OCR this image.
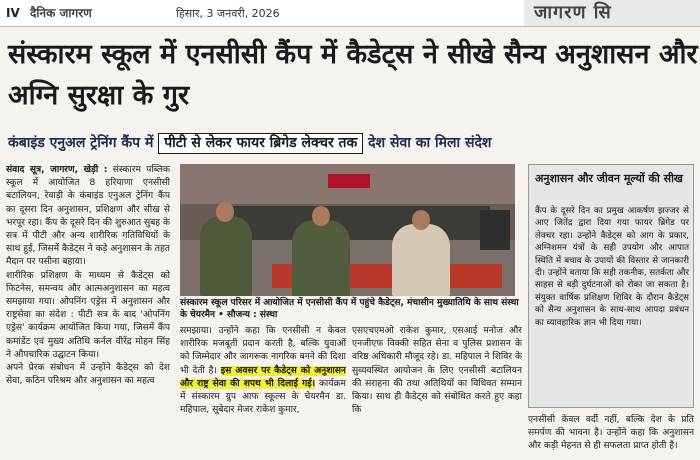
IV दैनिक जागरण	हिसार, 3 जनवरी, 2026	जागरण सि
संस्कारम स्कूल में एनसीसी कैंप में कैडेट्स ने सीखे सैन्य अनुशासन और अग्नि सुरक्षा के गुर
कंबाइंड एनुअल ट्रेनिंग कैंप में पीटी से लेकर फायर ब्रिगेड लेक्चर तक देश सेवा का मिला संदेश

संवाद सूत्र, जागरण, खेड़ी : संस्कारम पब्लिक स्कूल में आयोजित 8 हरियाणा एनसीसी बटालियन, रेवाड़ी के कंबाइंड एनुअल ट्रेनिंग कैंप का दूसरा दिन अनुशासन, प्रशिक्षण और सीख से भरपूर रहा। कैंप के दूसरे दिन की शुरुआत सुबह के सत्र में पीटी और अन्य शारीरिक गतिविधियों के साथ हुई, जिसमें कैडेट्स ने कड़े अनुशासन के तहत मैदान पर पसीना बहाया।

शारीरिक प्रशिक्षण के माध्यम से कैडेट्स को फिटनेस, समन्वय और आत्मअनुशासन का महत्व समझाया गया। ओपनिंग एड्रेस में अनुशासन और राष्ट्रसेवा का संदेश : पीटी सत्र के बाद 'ओपनिंग एड्रेस' कार्यक्रम आयोजित किया गया, जिसमें कैंप कमांडेंट एवं मुख्य अतिथि कर्नल वीरेंद्र मोहन सिंह ने औपचारिक उद्घाटन किया।

अपने प्रेरक संबोधन में उन्होंने कैडेट्स को देश सेवा, कठिन परिश्रम और अनुशासन का महत्व

संस्कारम स्कूल परिसर में आयोजित में एनसीसी कैंप में पहुंचे कैडेट्स, मंचासीन मुख्यातिथि के साथ संस्था के चेयरमैन • सौजन्य : संस्था
समझाया। उन्होंने कहा कि एनसीसी न केवल शारीरिक मजबूती प्रदान करती है, बल्कि युवाओं को जिम्मेदार और जागरूक नागरिक बनने की दिशा भी देती है। इस अवसर पर कैडेट्स को अनुशासन और राष्ट्र सेवा की शपथ भी दिलाई गई। कार्यक्रम में संस्कारम ग्रुप आफ स्कूल्स के चेयरमैन डा. महिपाल, सूबेदार मेजर राकेश कुमार,
एसएचएमओ राकेश कुमार, एसआई मनोज और एनजीएफ विक्की सहित सेना व पुलिस प्रशासन के वरिष्ठ अधिकारी मौजूद रहे। डा. महिपाल ने शिविर के सुव्यवस्थित आयोजन के लिए एनसीसी बटालियन की सराहना की तथा अतिथियों का विधिवत सम्मान किया। साथ ही कैडेट्स को संबोधित करते हुए कहा कि
अनुशासन और जीवन मूल्यों की सीख
कैंप के दूसरे दिन का प्रमुख आकर्षण झज्जर से आए जितेंद्र द्वारा दिया गया फायर ब्रिगेड पर लेक्चर रहा। उन्होंने कैडेट्स को आग के प्रकार, अग्निशमन यंत्रों के सही उपयोग और आपात स्थिति में बचाव के उपायों की विस्तार से जानकारी दी। उन्होंने बताया कि सही तकनीक, सतर्कता और साहस से बड़ी दुर्घटनाओं को रोका जा सकता है। संयुक्त वार्षिक प्रशिक्षण शिविर के दौरान कैडेट्स को सैन्य अनुशासन के साथ-साथ आपदा प्रबंधन का व्यावहारिक ज्ञान भी दिया गया।
एनसीसी केवल वर्दी नहीं, बल्कि देश के प्रति समर्पण की भावना है। उन्होंने कहा कि अनुशासन और कड़ी मेहनत से ही सफलता प्राप्त होती है।
